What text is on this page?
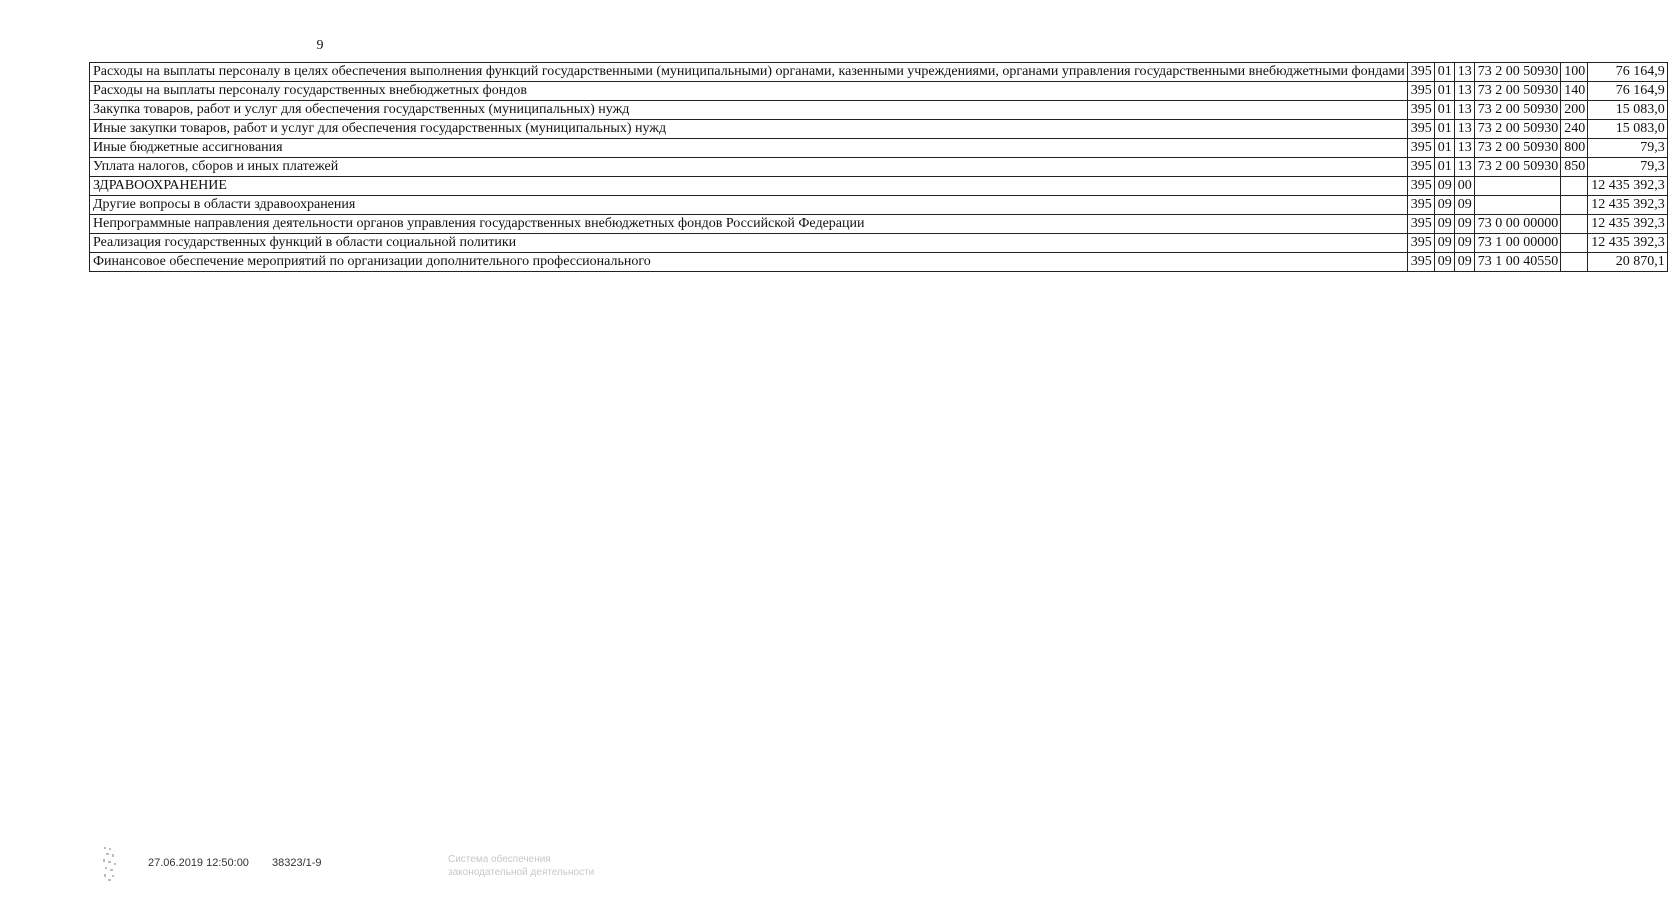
9
Расходы на выплаты персоналу в целях обеспечения выполнения функций государственными (муниципальными) органами, казенными учреждениями, органами управления государственными внебюджетными фондами	395	01	13	73 2 00 50930	100	76 164,9
Расходы на выплаты персоналу государственных внебюджетных фондов	395	01	13	73 2 00 50930	140	76 164,9
Закупка товаров, работ и услуг для обеспечения государственных (муниципальных) нужд	395	01	13	73 2 00 50930	200	15 083,0
Иные закупки товаров, работ и услуг для обеспечения государственных (муниципальных) нужд	395	01	13	73 2 00 50930	240	15 083,0
Иные бюджетные ассигнования	395	01	13	73 2 00 50930	800	79,3
Уплата налогов, сборов и иных платежей	395	01	13	73 2 00 50930	850	79,3
ЗДРАВООХРАНЕНИЕ	395	09	00			12 435 392,3
Другие вопросы в области здравоохранения	395	09	09			12 435 392,3
Непрограммные направления деятельности органов управления государственных внебюджетных фондов Российской Федерации	395	09	09	73 0 00 00000		12 435 392,3
Реализация государственных функций в области социальной политики	395	09	09	73 1 00 00000		12 435 392,3
Финансовое обеспечение мероприятий по организации дополнительного профессионального	395	09	09	73 1 00 40550		20 870,1
27.06.2019 12:50:00 38323/1-9	Система обеспечения законодательной деятельности
